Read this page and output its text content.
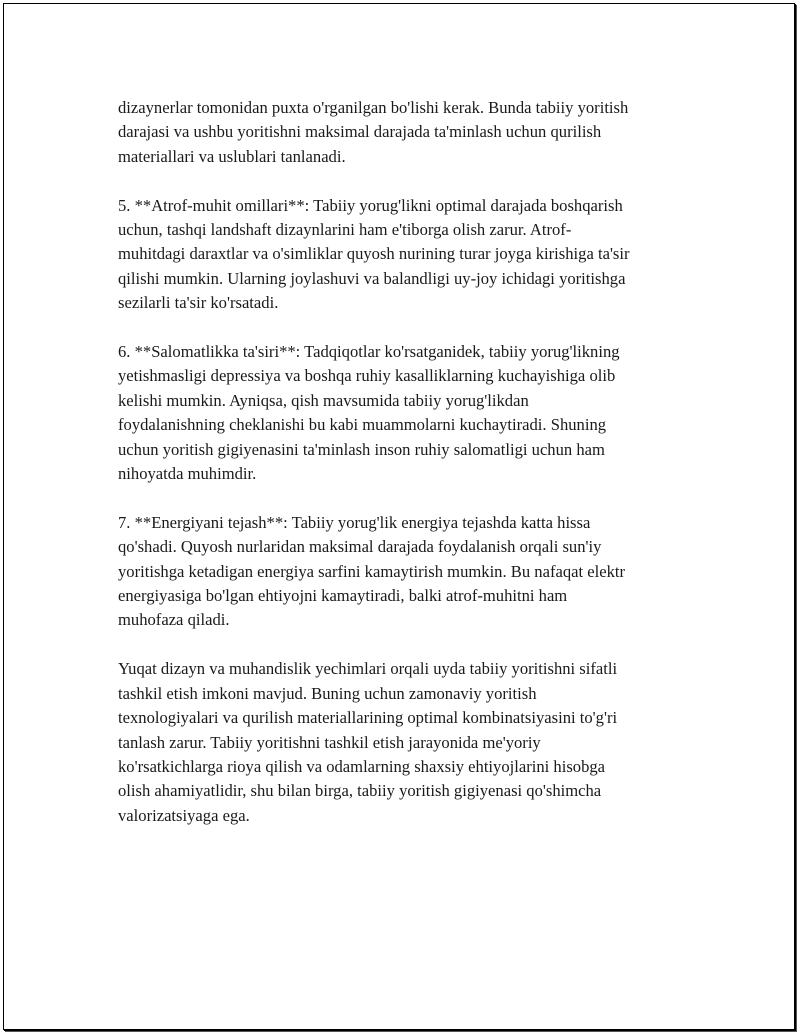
dizaynerlar tomonidan puxta o'rganilgan bo'lishi kerak. Bunda tabiiy yoritish
darajasi va ushbu yoritishni maksimal darajada ta'minlash uchun qurilish
materiallari va uslublari tanlanadi.

5. **Atrof-muhit omillari**: Tabiiy yorug'likni optimal darajada boshqarish
uchun, tashqi landshaft dizaynlarini ham e'tiborga olish zarur. Atrof-
muhitdagi daraxtlar va o'simliklar quyosh nurining turar joyga kirishiga ta'sir
qilishi mumkin. Ularning joylashuvi va balandligi uy-joy ichidagi yoritishga
sezilarli ta'sir ko'rsatadi.

6. **Salomatlikka ta'siri**: Tadqiqotlar ko'rsatganidek, tabiiy yorug'likning
yetishmasligi depressiya va boshqa ruhiy kasalliklarning kuchayishiga olib
kelishi mumkin. Ayniqsa, qish mavsumida tabiiy yorug'likdan
foydalanishning cheklanishi bu kabi muammolarni kuchaytiradi. Shuning
uchun yoritish gigiyenasini ta'minlash inson ruhiy salomatligi uchun ham
nihoyatda muhimdir.

7. **Energiyani tejash**: Tabiiy yorug'lik energiya tejashda katta hissa
qo'shadi. Quyosh nurlaridan maksimal darajada foydalanish orqali sun'iy
yoritishga ketadigan energiya sarfini kamaytirish mumkin. Bu nafaqat elektr
energiyasiga bo'lgan ehtiyojni kamaytiradi, balki atrof-muhitni ham
muhofaza qiladi.

Yuqat dizayn va muhandislik yechimlari orqali uyda tabiiy yoritishni sifatli
tashkil etish imkoni mavjud. Buning uchun zamonaviy yoritish
texnologiyalari va qurilish materiallarining optimal kombinatsiyasini to'g'ri
tanlash zarur. Tabiiy yoritishni tashkil etish jarayonida me'yoriy
ko'rsatkichlarga rioya qilish va odamlarning shaxsiy ehtiyojlarini hisobga
olish ahamiyatlidir, shu bilan birga, tabiiy yoritish gigiyenasi qo'shimcha
valorizatsiyaga ega.
